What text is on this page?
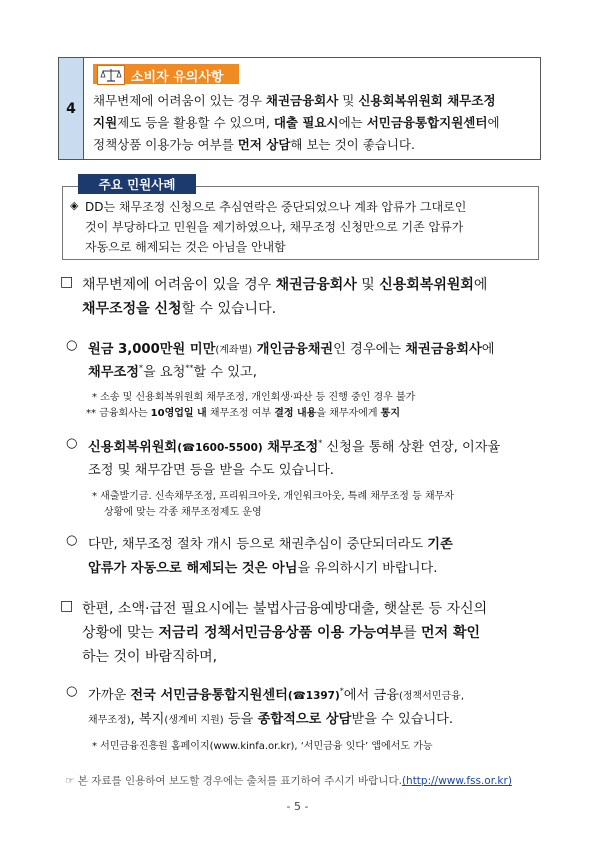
4
소비자 유의사항
채무변제에 어려움이 있는 경우 채권금융회사 및 신용회복위원회 채무조정
지원제도 등을 활용할 수 있으며, 대출 필요시에는 서민금융통합지원센터에
정책상품 이용가능 여부를 먼저 상담해 보는 것이 좋습니다.
◈ DD는 채무조정 신청으로 추심연락은 중단되었으나 계좌 압류가 그대로인
것이 부당하다고 민원을 제기하였으나, 채무조정 신청만으로 기존 압류가
자동으로 해제되는 것은 아님을 안내함
주요 민원사례
□ 채무변제에 어려움이 있을 경우 채권금융회사 및 신용회복위원회에
채무조정을 신청할 수 있습니다.
○ 원금 3,000만원 미만(계좌별) 개인금융채권인 경우에는 채권금융회사에
채무조정*을 요청**할 수 있고,
* 소송 및 신용회복위원회 채무조정, 개인회생·파산 등 진행 중인 경우 불가
** 금융회사는 10영업일 내 채무조정 여부 결정 내용을 채무자에게 통지
○ 신용회복위원회(☎1600-5500) 채무조정* 신청을 통해 상환 연장, 이자율
조정 및 채무감면 등을 받을 수도 있습니다.
* 새출발기금. 신속채무조정, 프리워크아웃, 개인워크아웃, 특례 채무조정 등 채무자
상황에 맞는 각종 채무조정제도 운영
○ 다만, 채무조정 절차 개시 등으로 채권추심이 중단되더라도 기존
압류가 자동으로 해제되는 것은 아님을 유의하시기 바랍니다.
□ 한편, 소액·급전 필요시에는 불법사금융예방대출, 햇살론 등 자신의
상황에 맞는 저금리 정책서민금융상품 이용 가능여부를 먼저 확인
하는 것이 바람직하며,
○ 가까운 전국 서민금융통합지원센터(☎1397)*에서 금융(정책서민금융,
채무조정), 복지(생계비 지원) 등을 종합적으로 상담받을 수 있습니다.
* 서민금융진흥원 홈페이지(www.kinfa.or.kr), ‘서민금융 잇다’ 앱에서도 가능
☞ 본 자료를 인용하여 보도할 경우에는 출처를 표기하여 주시기 바랍니다.(http://www.fss.or.kr)
- 5 -
